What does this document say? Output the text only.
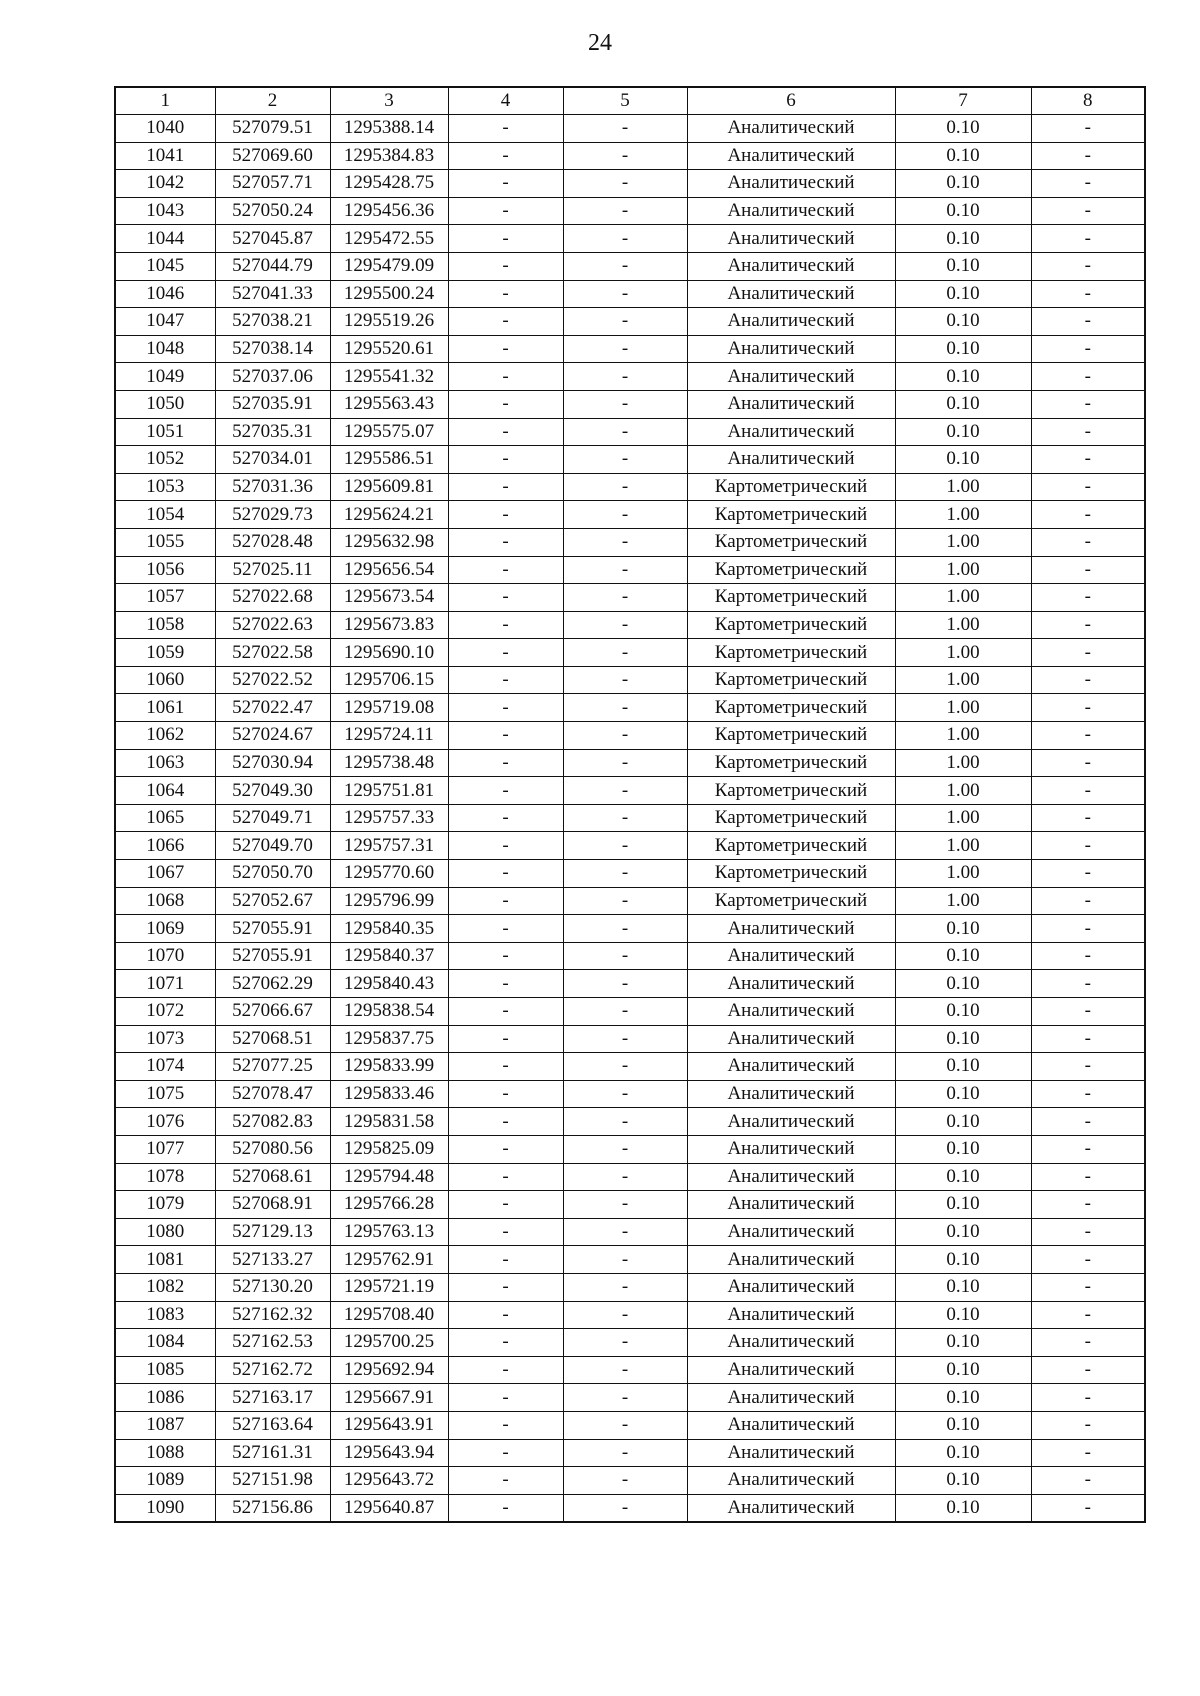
24
1	2	3	4	5	6	7	8
1040	527079.51	1295388.14	-	-	Аналитический	0.10	-
1041	527069.60	1295384.83	-	-	Аналитический	0.10	-
1042	527057.71	1295428.75	-	-	Аналитический	0.10	-
1043	527050.24	1295456.36	-	-	Аналитический	0.10	-
1044	527045.87	1295472.55	-	-	Аналитический	0.10	-
1045	527044.79	1295479.09	-	-	Аналитический	0.10	-
1046	527041.33	1295500.24	-	-	Аналитический	0.10	-
1047	527038.21	1295519.26	-	-	Аналитический	0.10	-
1048	527038.14	1295520.61	-	-	Аналитический	0.10	-
1049	527037.06	1295541.32	-	-	Аналитический	0.10	-
1050	527035.91	1295563.43	-	-	Аналитический	0.10	-
1051	527035.31	1295575.07	-	-	Аналитический	0.10	-
1052	527034.01	1295586.51	-	-	Аналитический	0.10	-
1053	527031.36	1295609.81	-	-	Картометрический	1.00	-
1054	527029.73	1295624.21	-	-	Картометрический	1.00	-
1055	527028.48	1295632.98	-	-	Картометрический	1.00	-
1056	527025.11	1295656.54	-	-	Картометрический	1.00	-
1057	527022.68	1295673.54	-	-	Картометрический	1.00	-
1058	527022.63	1295673.83	-	-	Картометрический	1.00	-
1059	527022.58	1295690.10	-	-	Картометрический	1.00	-
1060	527022.52	1295706.15	-	-	Картометрический	1.00	-
1061	527022.47	1295719.08	-	-	Картометрический	1.00	-
1062	527024.67	1295724.11	-	-	Картометрический	1.00	-
1063	527030.94	1295738.48	-	-	Картометрический	1.00	-
1064	527049.30	1295751.81	-	-	Картометрический	1.00	-
1065	527049.71	1295757.33	-	-	Картометрический	1.00	-
1066	527049.70	1295757.31	-	-	Картометрический	1.00	-
1067	527050.70	1295770.60	-	-	Картометрический	1.00	-
1068	527052.67	1295796.99	-	-	Картометрический	1.00	-
1069	527055.91	1295840.35	-	-	Аналитический	0.10	-
1070	527055.91	1295840.37	-	-	Аналитический	0.10	-
1071	527062.29	1295840.43	-	-	Аналитический	0.10	-
1072	527066.67	1295838.54	-	-	Аналитический	0.10	-
1073	527068.51	1295837.75	-	-	Аналитический	0.10	-
1074	527077.25	1295833.99	-	-	Аналитический	0.10	-
1075	527078.47	1295833.46	-	-	Аналитический	0.10	-
1076	527082.83	1295831.58	-	-	Аналитический	0.10	-
1077	527080.56	1295825.09	-	-	Аналитический	0.10	-
1078	527068.61	1295794.48	-	-	Аналитический	0.10	-
1079	527068.91	1295766.28	-	-	Аналитический	0.10	-
1080	527129.13	1295763.13	-	-	Аналитический	0.10	-
1081	527133.27	1295762.91	-	-	Аналитический	0.10	-
1082	527130.20	1295721.19	-	-	Аналитический	0.10	-
1083	527162.32	1295708.40	-	-	Аналитический	0.10	-
1084	527162.53	1295700.25	-	-	Аналитический	0.10	-
1085	527162.72	1295692.94	-	-	Аналитический	0.10	-
1086	527163.17	1295667.91	-	-	Аналитический	0.10	-
1087	527163.64	1295643.91	-	-	Аналитический	0.10	-
1088	527161.31	1295643.94	-	-	Аналитический	0.10	-
1089	527151.98	1295643.72	-	-	Аналитический	0.10	-
1090	527156.86	1295640.87	-	-	Аналитический	0.10	-
